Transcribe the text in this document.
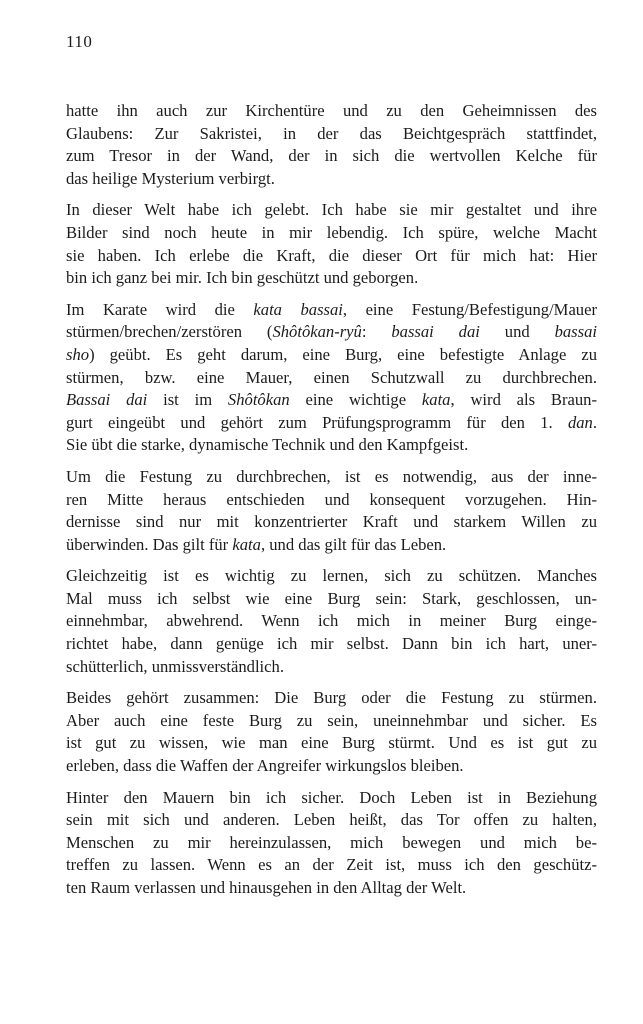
110

hatte ihn auch zur Kirchentüre und zu den Geheimnissen des
Glaubens: Zur Sakristei, in der das Beichtgespräch stattfindet,
zum Tresor in der Wand, der in sich die wertvollen Kelche für
das heilige Mysterium verbirgt.

In dieser Welt habe ich gelebt. Ich habe sie mir gestaltet und ihre
Bilder sind noch heute in mir lebendig. Ich spüre, welche Macht
sie haben. Ich erlebe die Kraft, die dieser Ort für mich hat: Hier
bin ich ganz bei mir. Ich bin geschützt und geborgen.

Im Karate wird die kata bassai, eine Festung/Befestigung/Mauer
stürmen/brechen/zerstören (Shôtôkan-ryû: bassai dai und bassai
sho) geübt. Es geht darum, eine Burg, eine befestigte Anlage zu
stürmen, bzw. eine Mauer, einen Schutzwall zu durchbrechen.
Bassai dai ist im Shôtôkan eine wichtige kata, wird als Braun-
gurt eingeübt und gehört zum Prüfungsprogramm für den 1. dan.
Sie übt die starke, dynamische Technik und den Kampfgeist.

Um die Festung zu durchbrechen, ist es notwendig, aus der inne-
ren Mitte heraus entschieden und konsequent vorzugehen. Hin-
dernisse sind nur mit konzentrierter Kraft und starkem Willen zu
überwinden. Das gilt für kata, und das gilt für das Leben.

Gleichzeitig ist es wichtig zu lernen, sich zu schützen. Manches
Mal muss ich selbst wie eine Burg sein: Stark, geschlossen, un-
einnehmbar, abwehrend. Wenn ich mich in meiner Burg einge-
richtet habe, dann genüge ich mir selbst. Dann bin ich hart, uner-
schütterlich, unmissverständlich.

Beides gehört zusammen: Die Burg oder die Festung zu stürmen.
Aber auch eine feste Burg zu sein, uneinnehmbar und sicher. Es
ist gut zu wissen, wie man eine Burg stürmt. Und es ist gut zu
erleben, dass die Waffen der Angreifer wirkungslos bleiben.

Hinter den Mauern bin ich sicher. Doch Leben ist in Beziehung
sein mit sich und anderen. Leben heißt, das Tor offen zu halten,
Menschen zu mir hereinzulassen, mich bewegen und mich be-
treffen zu lassen. Wenn es an der Zeit ist, muss ich den geschütz-
ten Raum verlassen und hinausgehen in den Alltag der Welt.
